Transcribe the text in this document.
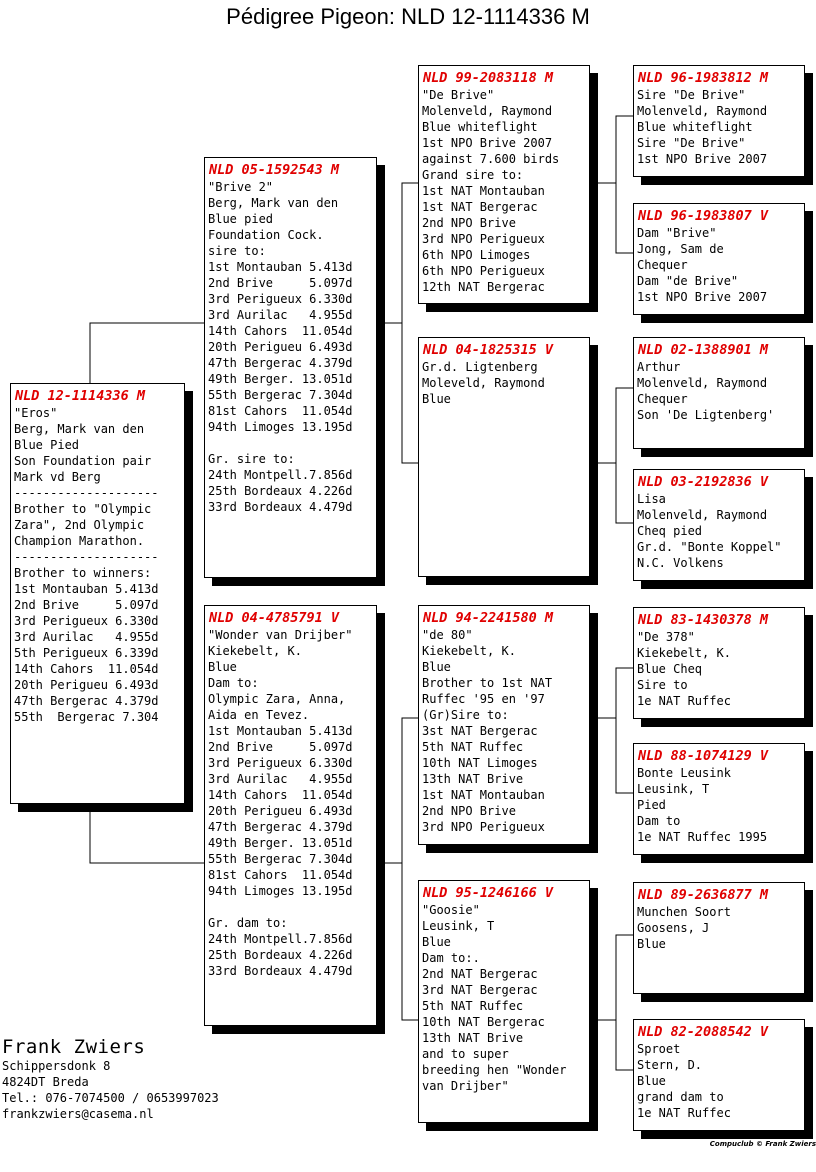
Pédigree Pigeon: NLD 12-1114336 M
NLD 12-1114336 M
"Eros"
Berg, Mark van den
Blue Pied
Son Foundation pair
Mark vd Berg
--------------------
Brother to "Olympic
Zara", 2nd Olympic
Champion Marathon.
--------------------
Brother to winners:
1st Montauban 5.413d
2nd Brive     5.097d
3rd Perigueux 6.330d
3rd Aurilac   4.955d
5th Perigueux 6.339d
14th Cahors  11.054d
20th Perigueu 6.493d
47th Bergerac 4.379d
55th  Bergerac 7.304
NLD 05-1592543 M
"Brive 2"
Berg, Mark van den
Blue pied
Foundation Cock.
sire to:
1st Montauban 5.413d
2nd Brive     5.097d
3rd Perigueux 6.330d
3rd Aurilac   4.955d
14th Cahors  11.054d
20th Perigueu 6.493d
47th Bergerac 4.379d
49th Berger. 13.051d
55th Bergerac 7.304d
81st Cahors  11.054d
94th Limoges 13.195d
Gr. sire to:
24th Montpell.7.856d
25th Bordeaux 4.226d
33rd Bordeaux 4.479d
NLD 04-4785791 V
"Wonder van Drijber"
Kiekebelt, K.
Blue
Dam to:
Olympic Zara, Anna,
Aida en Tevez.
1st Montauban 5.413d
2nd Brive     5.097d
3rd Perigueux 6.330d
3rd Aurilac   4.955d
14th Cahors  11.054d
20th Perigueu 6.493d
47th Bergerac 4.379d
49th Berger. 13.051d
55th Bergerac 7.304d
81st Cahors  11.054d
94th Limoges 13.195d
Gr. dam to:
24th Montpell.7.856d
25th Bordeaux 4.226d
33rd Bordeaux 4.479d
NLD 99-2083118 M
"De Brive"
Molenveld, Raymond
Blue whiteflight
1st NPO Brive 2007
against 7.600 birds
Grand sire to:
1st NAT Montauban
1st NAT Bergerac
2nd NPO Brive
3rd NPO Perigueux
6th NPO Limoges
6th NPO Perigueux
12th NAT Bergerac
NLD 04-1825315 V
Gr.d. Ligtenberg
Moleveld, Raymond
Blue
NLD 94-2241580 M
"de 80"
Kiekebelt, K.
Blue
Brother to 1st NAT
Ruffec '95 en '97
(Gr)Sire to:
3st NAT Bergerac
5th NAT Ruffec
10th NAT Limoges
13th NAT Brive
1st NAT Montauban
2nd NPO Brive
3rd NPO Perigueux
NLD 95-1246166 V
"Goosie"
Leusink, T
Blue
Dam to:.
2nd NAT Bergerac
3rd NAT Bergerac
5th NAT Ruffec
10th NAT Bergerac
13th NAT Brive
and to super
breeding hen "Wonder
van Drijber"
NLD 96-1983812 M
Sire "De Brive"
Molenveld, Raymond
Blue whiteflight
Sire "De Brive"
1st NPO Brive 2007
NLD 96-1983807 V
Dam "Brive"
Jong, Sam de
Chequer
Dam "de Brive"
1st NPO Brive 2007
NLD 02-1388901 M
Arthur
Molenveld, Raymond
Chequer
Son 'De Ligtenberg'
NLD 03-2192836 V
Lisa
Molenveld, Raymond
Cheq pied
Gr.d. "Bonte Koppel"
N.C. Volkens
NLD 83-1430378 M
"De 378"
Kiekebelt, K.
Blue Cheq
Sire to
1e NAT Ruffec
NLD 88-1074129 V
Bonte Leusink
Leusink, T
Pied
Dam to
1e NAT Ruffec 1995
NLD 89-2636877 M
Munchen Soort
Goosens, J
Blue
NLD 82-2088542 V
Sproet
Stern, D.
Blue
grand dam to
1e NAT Ruffec
Frank Zwiers
Schippersdonk 8
4824DT Breda
Tel.: 076-7074500 / 0653997023
frankzwiers@casema.nl
Compuclub © Frank Zwiers
